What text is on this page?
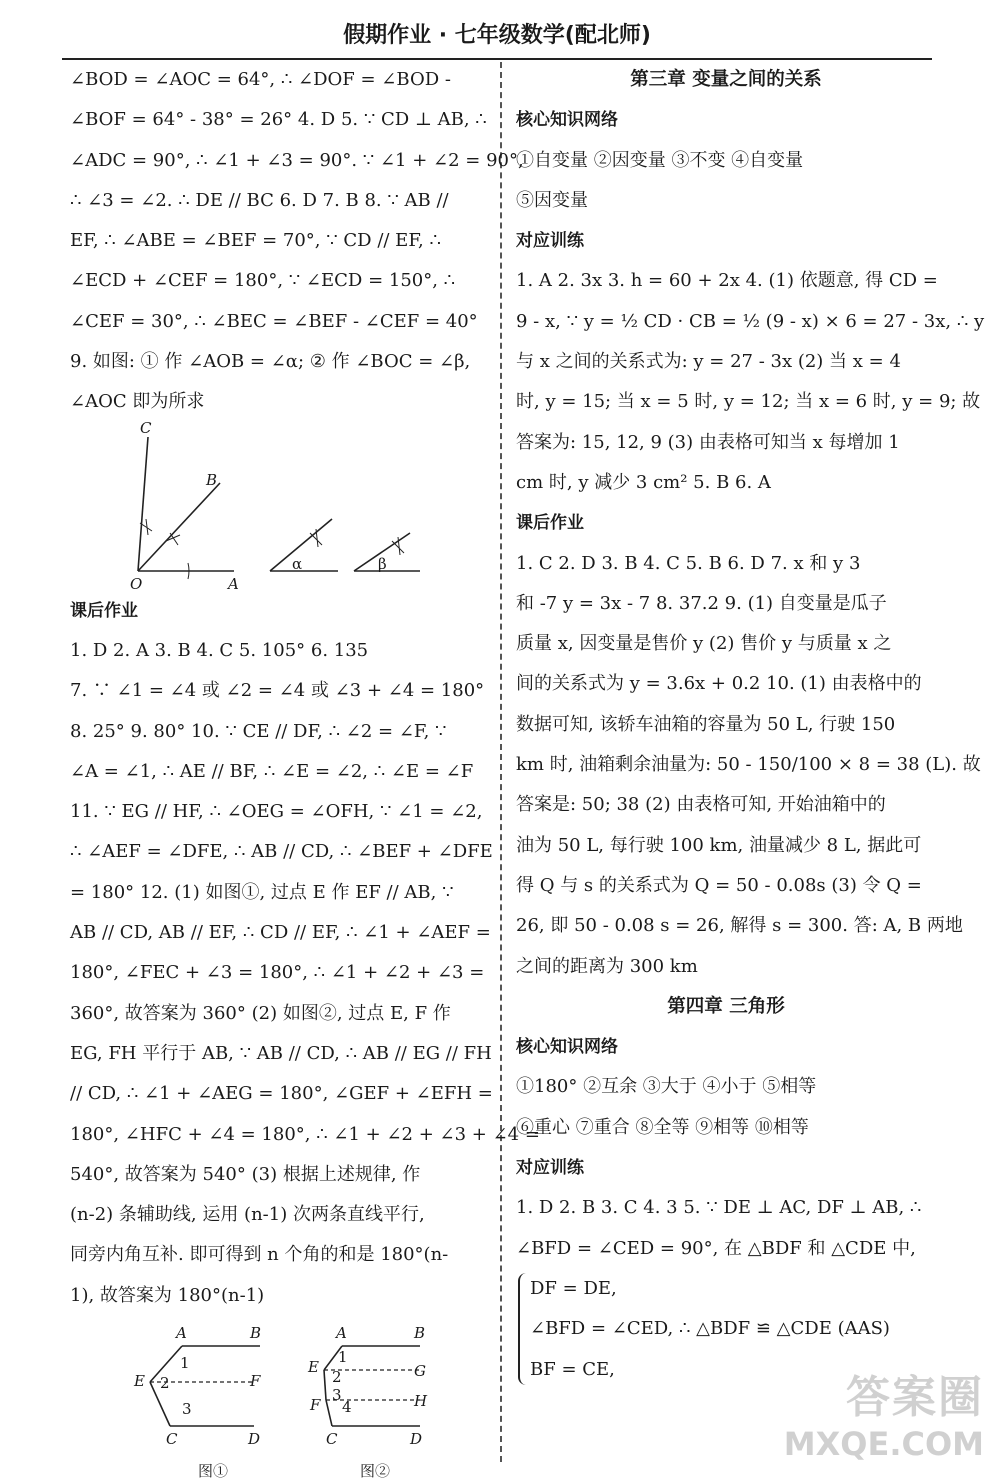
假期作业 · 七年级数学(配北师)
∠BOD = ∠AOC = 64°, ∴ ∠DOF = ∠BOD -
∠BOF = 64° - 38° = 26° 4. D 5. ∵ CD ⊥ AB, ∴
∠ADC = 90°, ∴ ∠1 + ∠3 = 90°. ∵ ∠1 + ∠2 = 90°,
∴ ∠3 = ∠2. ∴ DE // BC 6. D 7. B 8. ∵ AB //
EF, ∴ ∠ABE = ∠BEF = 70°, ∵ CD // EF, ∴
∠ECD + ∠CEF = 180°, ∵ ∠ECD = 150°, ∴
∠CEF = 30°, ∴ ∠BEC = ∠BEF - ∠CEF = 40°
9. 如图: ① 作 ∠AOB = ∠α; ② 作 ∠BOC = ∠β,
∠AOC 即为所求
C
B
O	A
α	β
课后作业
1. D 2. A 3. B 4. C 5. 105° 6. 135
7. ∵ ∠1 = ∠4 或 ∠2 = ∠4 或 ∠3 + ∠4 = 180°
8. 25° 9. 80° 10. ∵ CE // DF, ∴ ∠2 = ∠F, ∵
∠A = ∠1, ∴ AE // BF, ∴ ∠E = ∠2, ∴ ∠E = ∠F
11. ∵ EG // HF, ∴ ∠OEG = ∠OFH, ∵ ∠1 = ∠2,
∴ ∠AEF = ∠DFE, ∴ AB // CD, ∴ ∠BEF + ∠DFE
= 180° 12. (1) 如图①, 过点 E 作 EF // AB, ∵
AB // CD, AB // EF, ∴ CD // EF, ∴ ∠1 + ∠AEF =
180°, ∠FEC + ∠3 = 180°, ∴ ∠1 + ∠2 + ∠3 =
360°, 故答案为 360° (2) 如图②, 过点 E, F 作
EG, FH 平行于 AB, ∵ AB // CD, ∴ AB // EG // FH
// CD, ∴ ∠1 + ∠AEG = 180°, ∠GEF + ∠EFH =
180°, ∠HFC + ∠4 = 180°, ∴ ∠1 + ∠2 + ∠3 + ∠4 =
540°, 故答案为 540° (3) 根据上述规律, 作
(n-2) 条辅助线, 运用 (n-1) 次两条直线平行,
同旁内角互补. 即可得到 n 个角的和是 180°(n-
1), 故答案为 180°(n-1)
A	B
E	F
C	D
1
2
3
图①
A	B
E	G
F	H
C	D
1
2
3
4
图②
第三章 变量之间的关系
核心知识网络
①自变量 ②因变量 ③不变 ④自变量
⑤因变量
对应训练
1. A 2. 3x 3. h = 60 + 2x 4. (1) 依题意, 得 CD =
9 - x, ∵ y = ½ CD · CB = ½ (9 - x) × 6 = 27 - 3x, ∴ y
与 x 之间的关系式为: y = 27 - 3x (2) 当 x = 4
时, y = 15; 当 x = 5 时, y = 12; 当 x = 6 时, y = 9; 故
答案为: 15, 12, 9 (3) 由表格可知当 x 每增加 1
cm 时, y 减少 3 cm² 5. B 6. A
课后作业
1. C 2. D 3. B 4. C 5. B 6. D 7. x 和 y 3
和 -7 y = 3x - 7 8. 37.2 9. (1) 自变量是瓜子
质量 x, 因变量是售价 y (2) 售价 y 与质量 x 之
间的关系式为 y = 3.6x + 0.2 10. (1) 由表格中的
数据可知, 该轿车油箱的容量为 50 L, 行驶 150
km 时, 油箱剩余油量为: 50 - 150/100 × 8 = 38 (L). 故
答案是: 50; 38 (2) 由表格可知, 开始油箱中的
油为 50 L, 每行驶 100 km, 油量减少 8 L, 据此可
得 Q 与 s 的关系式为 Q = 50 - 0.08s (3) 令 Q =
26, 即 50 - 0.08 s = 26, 解得 s = 300. 答: A, B 两地
之间的距离为 300 km
第四章 三角形
核心知识网络
①180° ②互余 ③大于 ④小于 ⑤相等
⑥重心 ⑦重合 ⑧全等 ⑨相等 ⑩相等
对应训练
1. D 2. B 3. C 4. 3 5. ∵ DE ⊥ AC, DF ⊥ AB, ∴
∠BFD = ∠CED = 90°, 在 △BDF 和 △CDE 中,
DF = DE,
∠BFD = ∠CED, ∴ △BDF ≌ △CDE (AAS)
BF = CE,
答案圈
MXQE.COM
